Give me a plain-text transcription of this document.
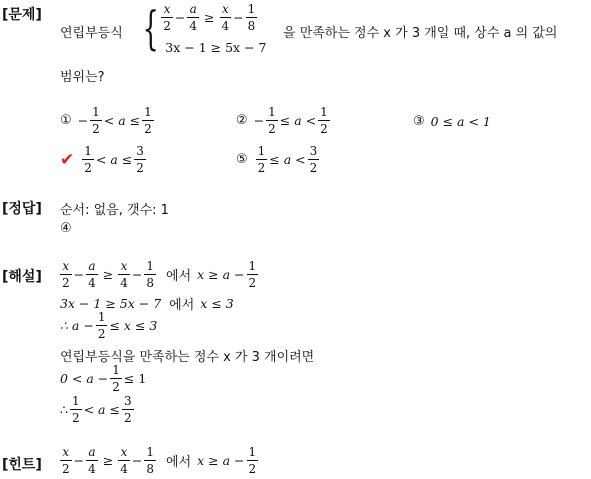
[문제]
연립부등식 { $\frac{x}{2} - \frac{a}{4} \ge \frac{x}{4} - \frac{1}{8}$
3x − 1 ≥ 5x − 7
을 만족하는 정수 x 가 3 개일 때, 상수 a 의 값의
범위는?
① − $\frac{1}{2} < a \le \frac{1}{2}$	② − $\frac{1}{2} \le a < \frac{1}{2}$	③ 0 ≤ a < 1
✔ $\frac{1}{2} < a \le \frac{3}{2}$	⑤ $\frac{1}{2} \le a < \frac{3}{2}$
[정답] 순서: 없음, 갯수: 1
④
[해설] $\frac{x}{2} - \frac{a}{4} \ge \frac{x}{4} - \frac{1}{8}$ 에서 $x \ge a - \frac{1}{2}$
3x − 1 ≥ 5x − 7 에서 x ≤ 3
∴ $a - \frac{1}{2} \le x \le 3$
연립부등식을 만족하는 정수 x 가 3 개이려면
$0 < a - \frac{1}{2} \le 1$
∴ $\frac{1}{2} < a \le \frac{3}{2}$
[힌트] $\frac{x}{2} - \frac{a}{4} \ge \frac{x}{4} - \frac{1}{8}$ 에서 $x \ge a - \frac{1}{2}$
